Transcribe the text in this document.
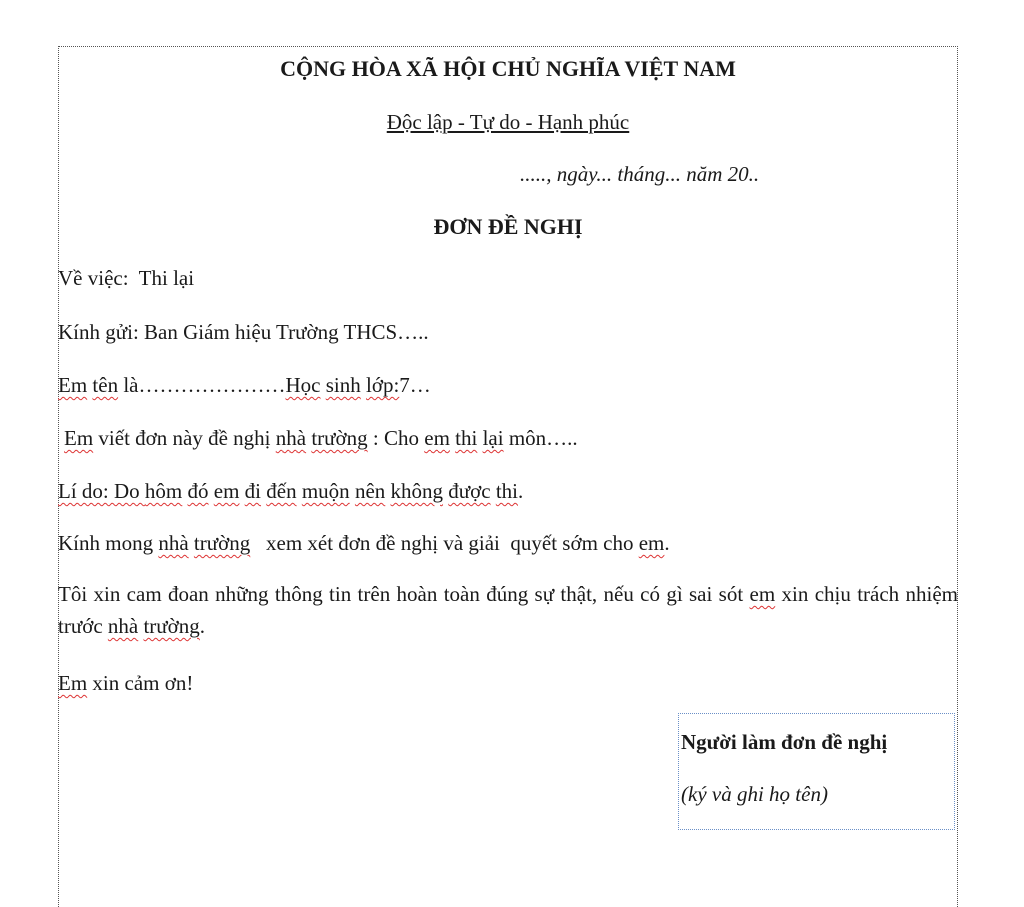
CỘNG HÒA XÃ HỘI CHỦ NGHĨA VIỆT NAM
Độc lập - Tự do - Hạnh phúc
....., ngày... tháng... năm 20..
ĐƠN ĐỀ NGHỊ
Về việc: Thi lại
Kính gửi: Ban Giám hiệu Trường THCS…..
Em tên là…………………Học sinh lớp:7…
Em viết đơn này đề nghị nhà trường : Cho em thi lại môn…..
Lí do: Do hôm đó em đi đến muộn nên không được thi.
Kính mong nhà trường   xem xét đơn đề nghị và giải  quyết sớm cho em.
Tôi xin cam đoan những thông tin trên hoàn toàn đúng sự thật, nếu có gì sai sót em xin chịu trách nhiệm trước nhà trường.
Em xin cảm ơn!
Người làm đơn đề nghị
(ký và ghi họ tên)
